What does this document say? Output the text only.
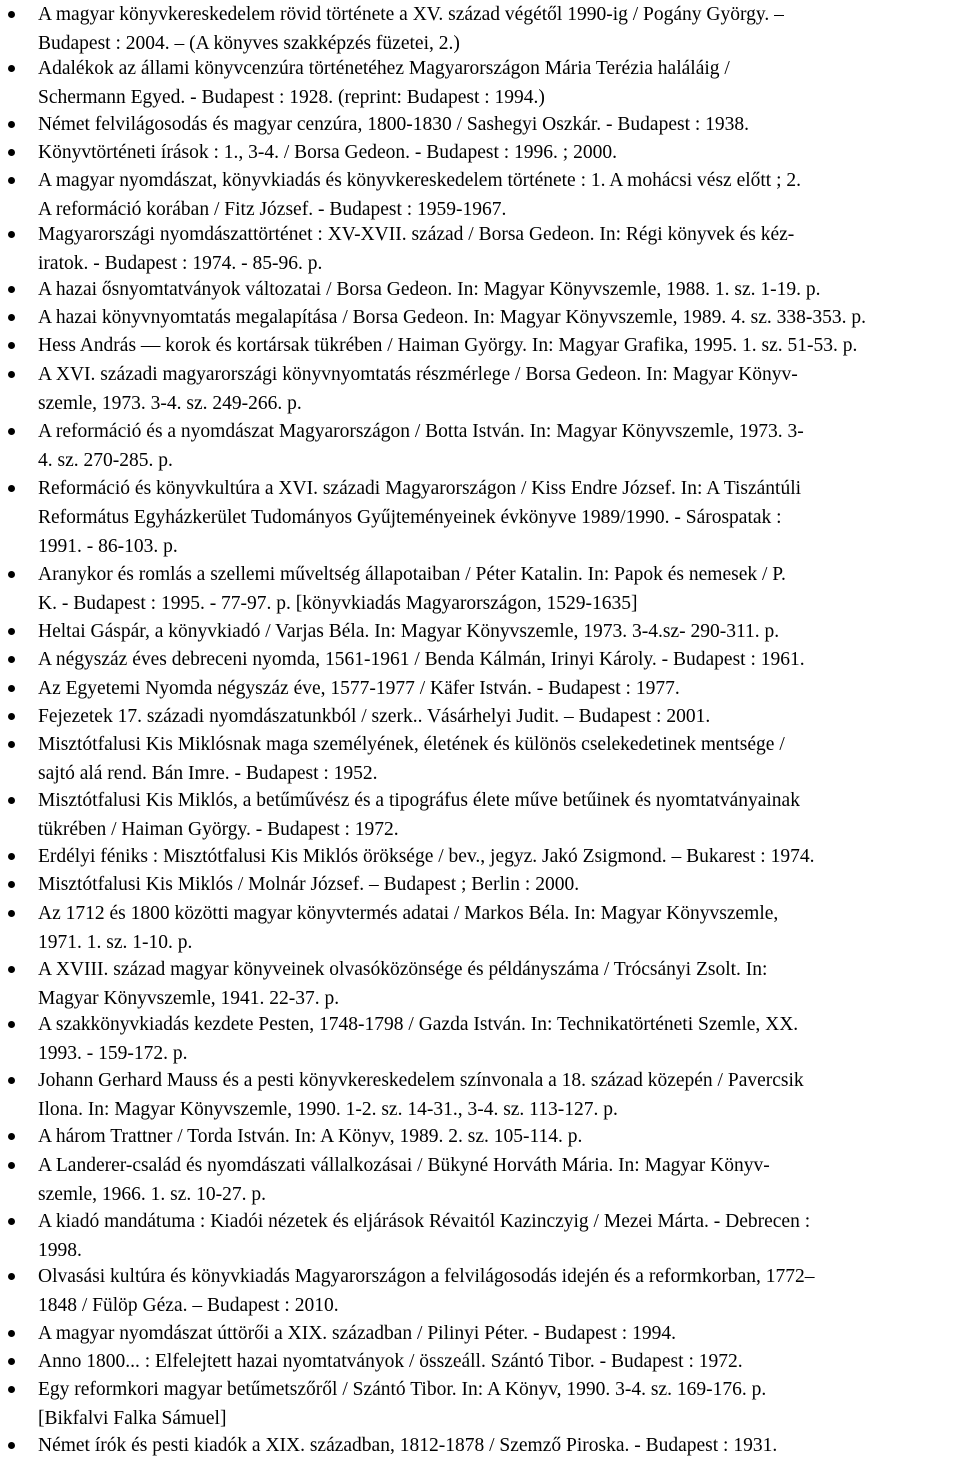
A magyar könyvkereskedelem rövid története a XV. század végétől 1990-ig / Pogány György. –
Budapest : 2004. – (A könyves szakképzés füzetei, 2.)

Adalékok az állami könyvcenzúra történetéhez Magyarországon Mária Terézia haláláig /
Schermann Egyed. - Budapest : 1928. (reprint: Budapest : 1994.)

Német felvilágosodás és magyar cenzúra, 1800-1830 / Sashegyi Oszkár. - Budapest : 1938.

Könyvtörténeti írások : 1., 3-4. / Borsa Gedeon. - Budapest : 1996. ; 2000.

A magyar nyomdászat, könyvkiadás és könyvkereskedelem története : 1. A mohácsi vész előtt ; 2.
A reformáció korában / Fitz József. - Budapest : 1959-1967.

Magyarországi nyomdászattörténet : XV-XVII. század / Borsa Gedeon. In: Régi könyvek és kéz-
iratok. - Budapest : 1974. - 85-96. p.

A hazai ősnyomtatványok változatai / Borsa Gedeon. In: Magyar Könyvszemle, 1988. 1. sz. 1-19. p.

A hazai könyvnyomtatás megalapítása / Borsa Gedeon. In: Magyar Könyvszemle, 1989. 4. sz. 338-353. p.

Hess András — korok és kortársak tükrében / Haiman György. In: Magyar Grafika, 1995. 1. sz. 51-53. p.

A XVI. századi magyarországi könyvnyomtatás részmérlege / Borsa Gedeon. In: Magyar Könyv-
szemle, 1973. 3-4. sz. 249-266. p.

A reformáció és a nyomdászat Magyarországon / Botta István. In: Magyar Könyvszemle, 1973. 3-
4. sz. 270-285. p.

Reformáció és könyvkultúra a XVI. századi Magyarországon / Kiss Endre József. In: A Tiszántúli
Református Egyházkerület Tudományos Gyűjteményeinek évkönyve 1989/1990. - Sárospatak :
1991. - 86-103. p.

Aranykor és romlás a szellemi műveltség állapotaiban / Péter Katalin. In: Papok és nemesek / P.
K. - Budapest : 1995. - 77-97. p. [könyvkiadás Magyarországon, 1529-1635]

Heltai Gáspár, a könyvkiadó / Varjas Béla. In: Magyar Könyvszemle, 1973. 3-4.sz- 290-311. p.

A négyszáz éves debreceni nyomda, 1561-1961 / Benda Kálmán, Irinyi Károly. - Budapest : 1961.

Az Egyetemi Nyomda négyszáz éve, 1577-1977 / Käfer István. - Budapest : 1977.

Fejezetek 17. századi nyomdászatunkból / szerk.. Vásárhelyi Judit. – Budapest : 2001.

Misztótfalusi Kis Miklósnak maga személyének, életének és különös cselekedetinek mentsége /
sajtó alá rend. Bán Imre. - Budapest : 1952.

Misztótfalusi Kis Miklós, a betűművész és a tipográfus élete műve betűinek és nyomtatványainak
tükrében / Haiman György. - Budapest : 1972.

Erdélyi féniks : Misztótfalusi Kis Miklós öröksége / bev., jegyz. Jakó Zsigmond. – Bukarest : 1974.

Misztótfalusi Kis Miklós / Molnár József. – Budapest ; Berlin : 2000.

Az 1712 és 1800 közötti magyar könyvtermés adatai / Markos Béla. In: Magyar Könyvszemle,
1971. 1. sz. 1-10. p.

A XVIII. század magyar könyveinek olvasóközönsége és példányszáma / Trócsányi Zsolt. In:
Magyar Könyvszemle, 1941. 22-37. p.

A szakkönyvkiadás kezdete Pesten, 1748-1798 / Gazda István. In: Technikatörténeti Szemle, XX.
1993. - 159-172. p.

Johann Gerhard Mauss és a pesti könyvkereskedelem színvonala a 18. század közepén / Pavercsik
Ilona. In: Magyar Könyvszemle, 1990. 1-2. sz. 14-31., 3-4. sz. 113-127. p.

A három Trattner / Torda István. In: A Könyv, 1989. 2. sz. 105-114. p.

A Landerer-család és nyomdászati vállalkozásai / Bükyné Horváth Mária. In: Magyar Könyv-
szemle, 1966. 1. sz. 10-27. p.

A kiadó mandátuma : Kiadói nézetek és eljárások Révaitól Kazinczyig / Mezei Márta. - Debrecen :
1998.

Olvasási kultúra és könyvkiadás Magyarországon a felvilágosodás idején és a reformkorban, 1772–
1848 / Fülöp Géza. – Budapest : 2010.

A magyar nyomdászat úttörői a XIX. században / Pilinyi Péter. - Budapest : 1994.

Anno 1800... : Elfelejtett hazai nyomtatványok / összeáll. Szántó Tibor. - Budapest : 1972.

Egy reformkori magyar betűmetszőről / Szántó Tibor. In: A Könyv, 1990. 3-4. sz. 169-176. p.
[Bikfalvi Falka Sámuel]

Német írók és pesti kiadók a XIX. században, 1812-1878 / Szemző Piroska. - Budapest : 1931.
